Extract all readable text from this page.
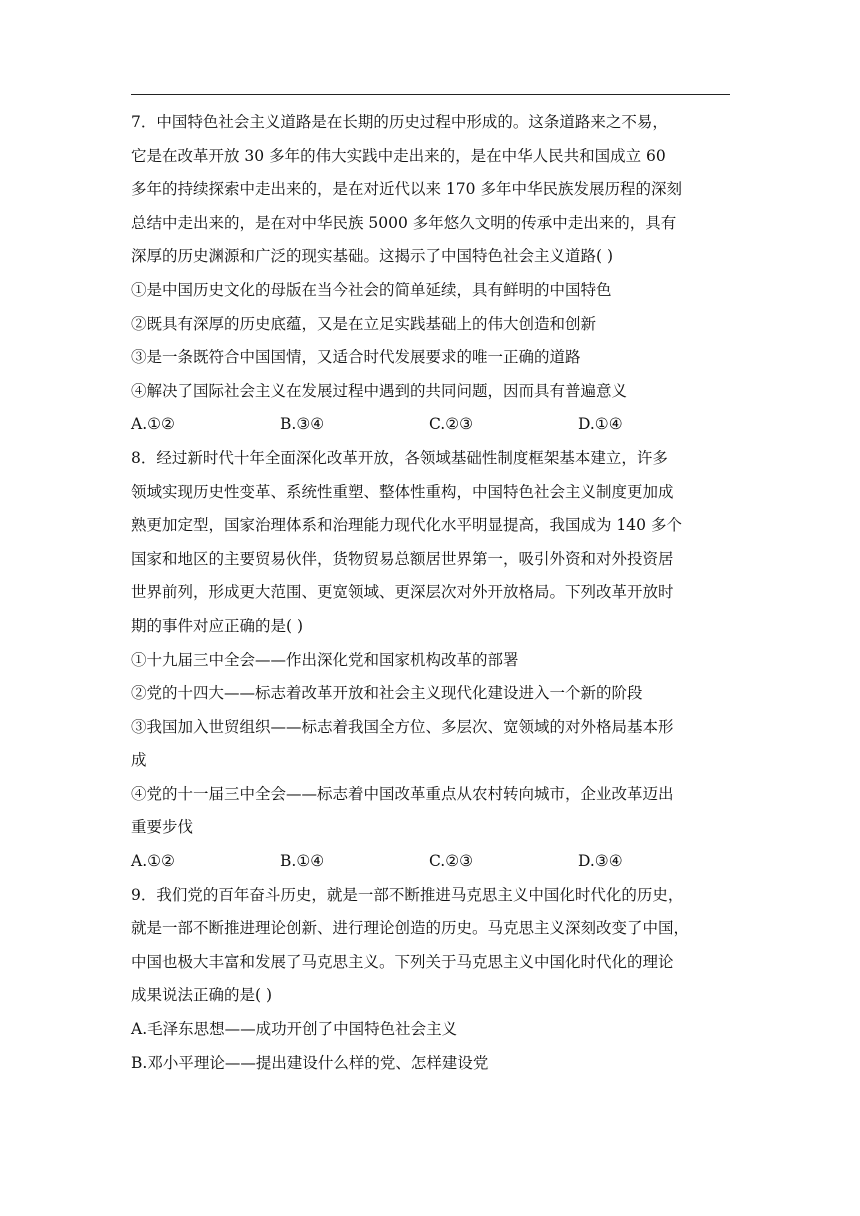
7．中国特色社会主义道路是在长期的历史过程中形成的。这条道路来之不易，
它是在改革开放 30 多年的伟大实践中走出来的，是在中华人民共和国成立 60
多年的持续探索中走出来的，是在对近代以来 170 多年中华民族发展历程的深刻
总结中走出来的，是在对中华民族 5000 多年悠久文明的传承中走出来的，具有
深厚的历史渊源和广泛的现实基础。这揭示了中国特色社会主义道路( )
①是中国历史文化的母版在当今社会的简单延续，具有鲜明的中国特色
②既具有深厚的历史底蕴，又是在立足实践基础上的伟大创造和创新
③是一条既符合中国国情，又适合时代发展要求的唯一正确的道路
④解决了国际社会主义在发展过程中遇到的共同问题，因而具有普遍意义
A.①②	B.③④	C.②③	D.①④
8．经过新时代十年全面深化改革开放，各领域基础性制度框架基本建立，许多
领域实现历史性变革、系统性重塑、整体性重构，中国特色社会主义制度更加成
熟更加定型，国家治理体系和治理能力现代化水平明显提高，我国成为 140 多个
国家和地区的主要贸易伙伴，货物贸易总额居世界第一，吸引外资和对外投资居
世界前列，形成更大范围、更宽领域、更深层次对外开放格局。下列改革开放时
期的事件对应正确的是( )
①十九届三中全会——作出深化党和国家机构改革的部署
②党的十四大——标志着改革开放和社会主义现代化建设进入一个新的阶段
③我国加入世贸组织——标志着我国全方位、多层次、宽领域的对外格局基本形
成
④党的十一届三中全会——标志着中国改革重点从农村转向城市，企业改革迈出
重要步伐
A.①②	B.①④	C.②③	D.③④
9．我们党的百年奋斗历史，就是一部不断推进马克思主义中国化时代化的历史，
就是一部不断推进理论创新、进行理论创造的历史。马克思主义深刻改变了中国，
中国也极大丰富和发展了马克思主义。下列关于马克思主义中国化时代化的理论
成果说法正确的是( )
A.毛泽东思想——成功开创了中国特色社会主义
B.邓小平理论——提出建设什么样的党、怎样建设党
